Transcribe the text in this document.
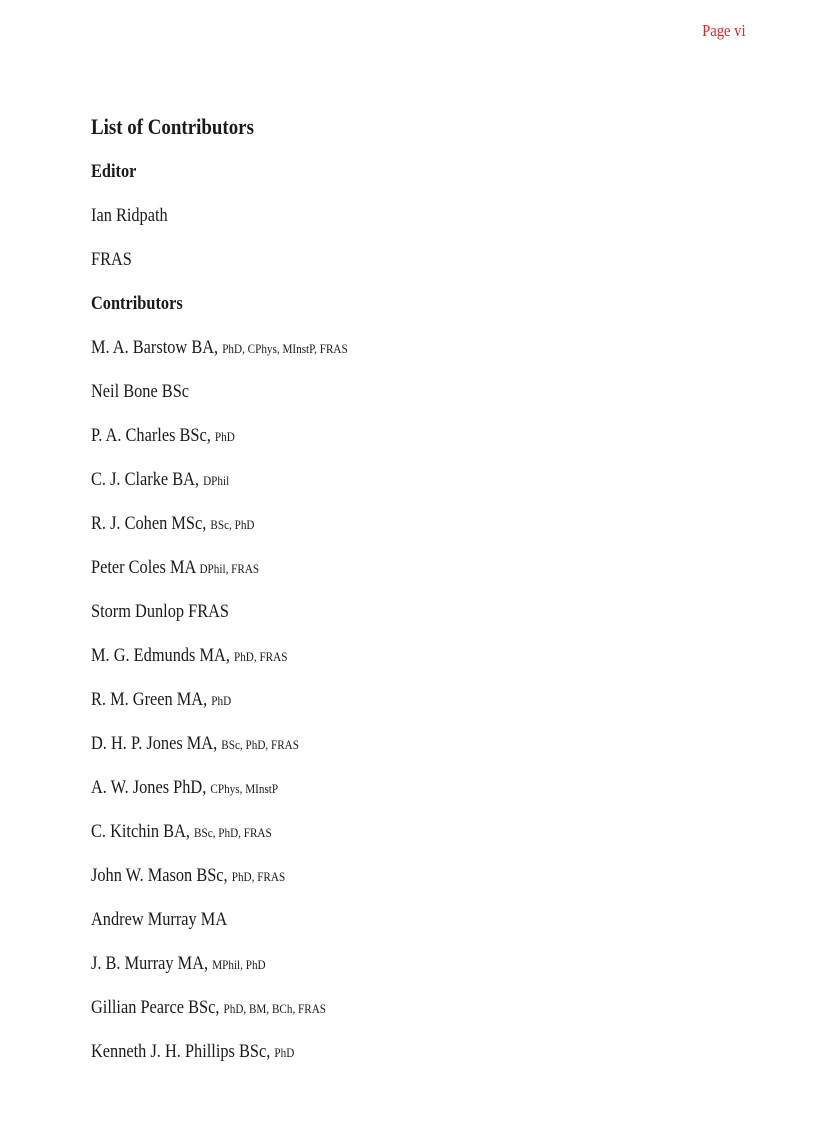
Page vi
List of Contributors
Editor
Ian Ridpath
FRAS
Contributors
M. A. Barstow BA, PhD, CPhys, MInstP, FRAS
Neil Bone BSc
P. A. Charles BSc, PhD
C. J. Clarke BA, DPhil
R. J. Cohen MSc, BSc, PhD
Peter Coles MA DPhil, FRAS
Storm Dunlop FRAS
M. G. Edmunds MA, PhD, FRAS
R. M. Green MA, PhD
D. H. P. Jones MA, BSc, PhD, FRAS
A. W. Jones PhD, CPhys, MInstP
C. Kitchin BA, BSc, PhD, FRAS
John W. Mason BSc, PhD, FRAS
Andrew Murray MA
J. B. Murray MA, MPhil, PhD
Gillian Pearce BSc, PhD, BM, BCh, FRAS
Kenneth J. H. Phillips BSc, PhD
